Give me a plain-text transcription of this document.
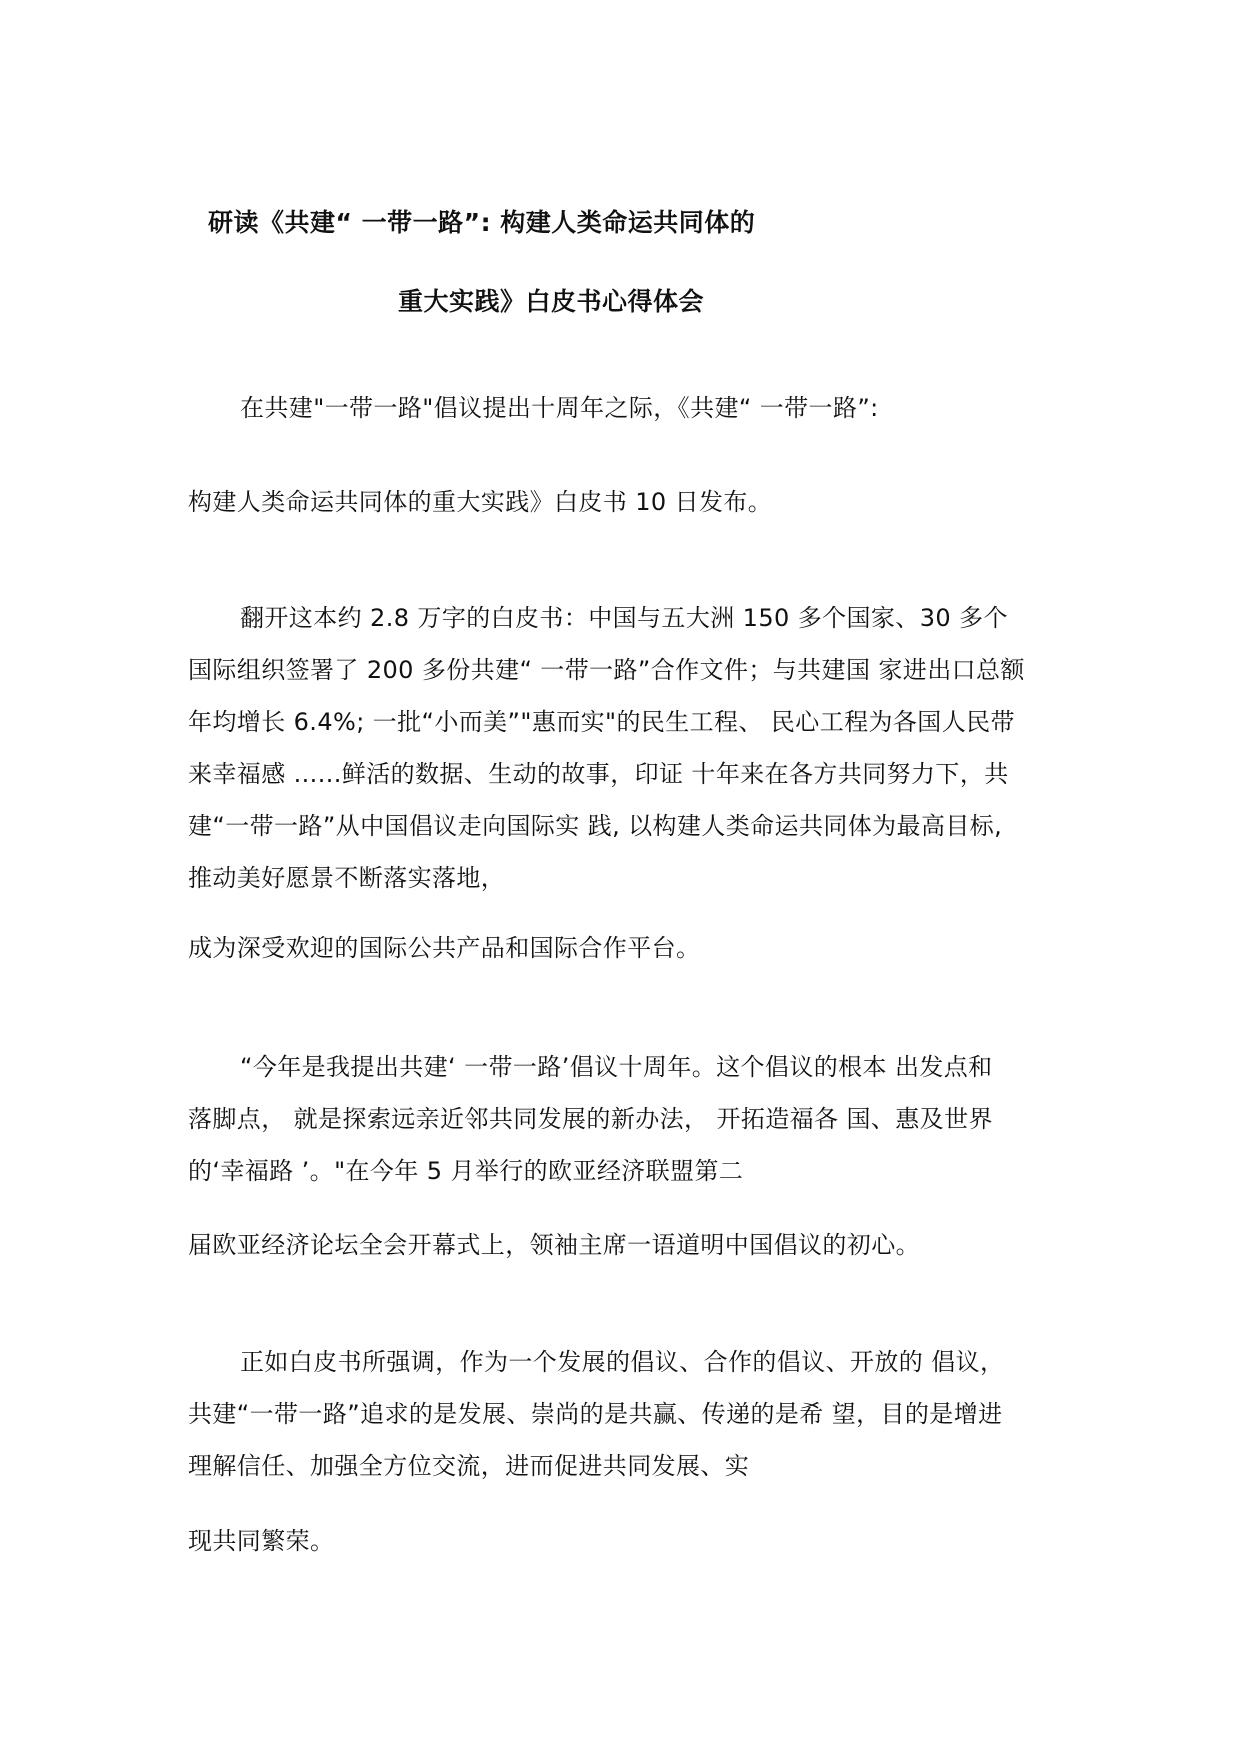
研读《共建“ 一带一路”: 构建人类命运共同体的
重大实践》白皮书心得体会
在共建"一带一路"倡议提出十周年之际，《共建“ 一带一路”:
构建人类命运共同体的重大实践》白皮书 10 日发布。
翻开这本约 2.8 万字的白皮书：中国与五大洲 150 多个国家、30 多个
国际组织签署了 200 多份共建“ 一带一路”合作文件；与共建国 家进出口总额
年均增长 6.4%; 一批“小而美”"惠而实"的民生工程、 民心工程为各国人民带
来幸福感 ......鲜活的数据、生动的故事，印证 十年来在各方共同努力下，共
建“一带一路”从中国倡议走向国际实 践, 以构建人类命运共同体为最高目标,
推动美好愿景不断落实落地，
成为深受欢迎的国际公共产品和国际合作平台。
“今年是我提出共建‘ 一带一路’倡议十周年。这个倡议的根本 出发点和
落脚点， 就是探索远亲近邻共同发展的新办法， 开拓造福各 国、惠及世界
的‘幸福路 ’。"在今年 5 月举行的欧亚经济联盟第二
届欧亚经济论坛全会开幕式上，领袖主席一语道明中国倡议的初心。
正如白皮书所强调，作为一个发展的倡议、合作的倡议、开放的 倡议，
共建“一带一路”追求的是发展、崇尚的是共赢、传递的是希 望，目的是增进
理解信任、加强全方位交流，进而促进共同发展、实
现共同繁荣。
